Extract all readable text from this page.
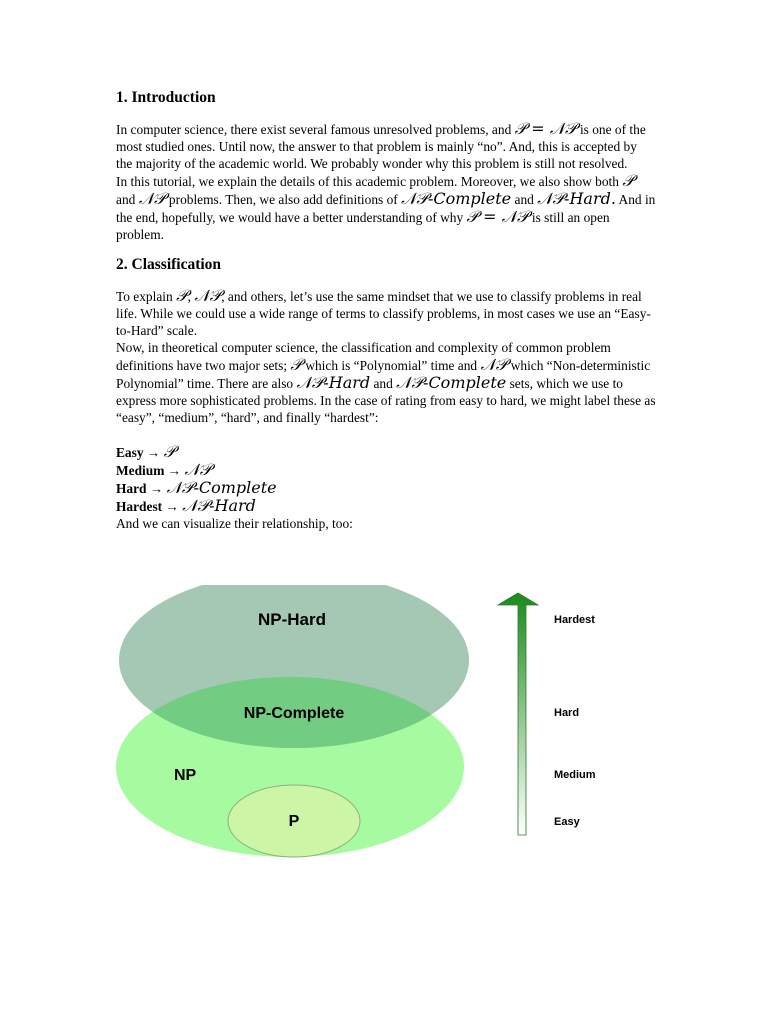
1. Introduction

In computer science, there exist several famous unresolved problems, and 𝒫 = 𝒩𝒫 is one of the most studied ones. Until now, the answer to that problem is mainly “no”. And, this is accepted by the majority of the academic world. We probably wonder why this problem is still not resolved.

In this tutorial, we explain the details of this academic problem. Moreover, we also show both 𝒫 and 𝒩𝒫 problems. Then, we also add definitions of 𝒩𝒫-Complete and 𝒩𝒫-Hard. And in the end, hopefully, we would have a better understanding of why 𝒫 = 𝒩𝒫 is still an open problem.

2. Classification

To explain 𝒫, 𝒩𝒫, and others, let’s use the same mindset that we use to classify problems in real life. While we could use a wide range of terms to classify problems, in most cases we use an “Easy-to-Hard” scale.

Now, in theoretical computer science, the classification and complexity of common problem definitions have two major sets; 𝒫 which is “Polynomial” time and 𝒩𝒫 which “Non-deterministic Polynomial” time. There are also 𝒩𝒫-Hard and 𝒩𝒫-Complete sets, which we use to express more sophisticated problems. In the case of rating from easy to hard, we might label these as “easy”, “medium”, “hard”, and finally “hardest”:

Easy → 𝒫

Medium → 𝒩𝒫

Hard → 𝒩𝒫-Complete

Hardest → 𝒩𝒫-Hard

And we can visualize their relationship, too:

NP-Hard
NP-Complete
NP
P
Hardest
Hard
Medium
Easy
